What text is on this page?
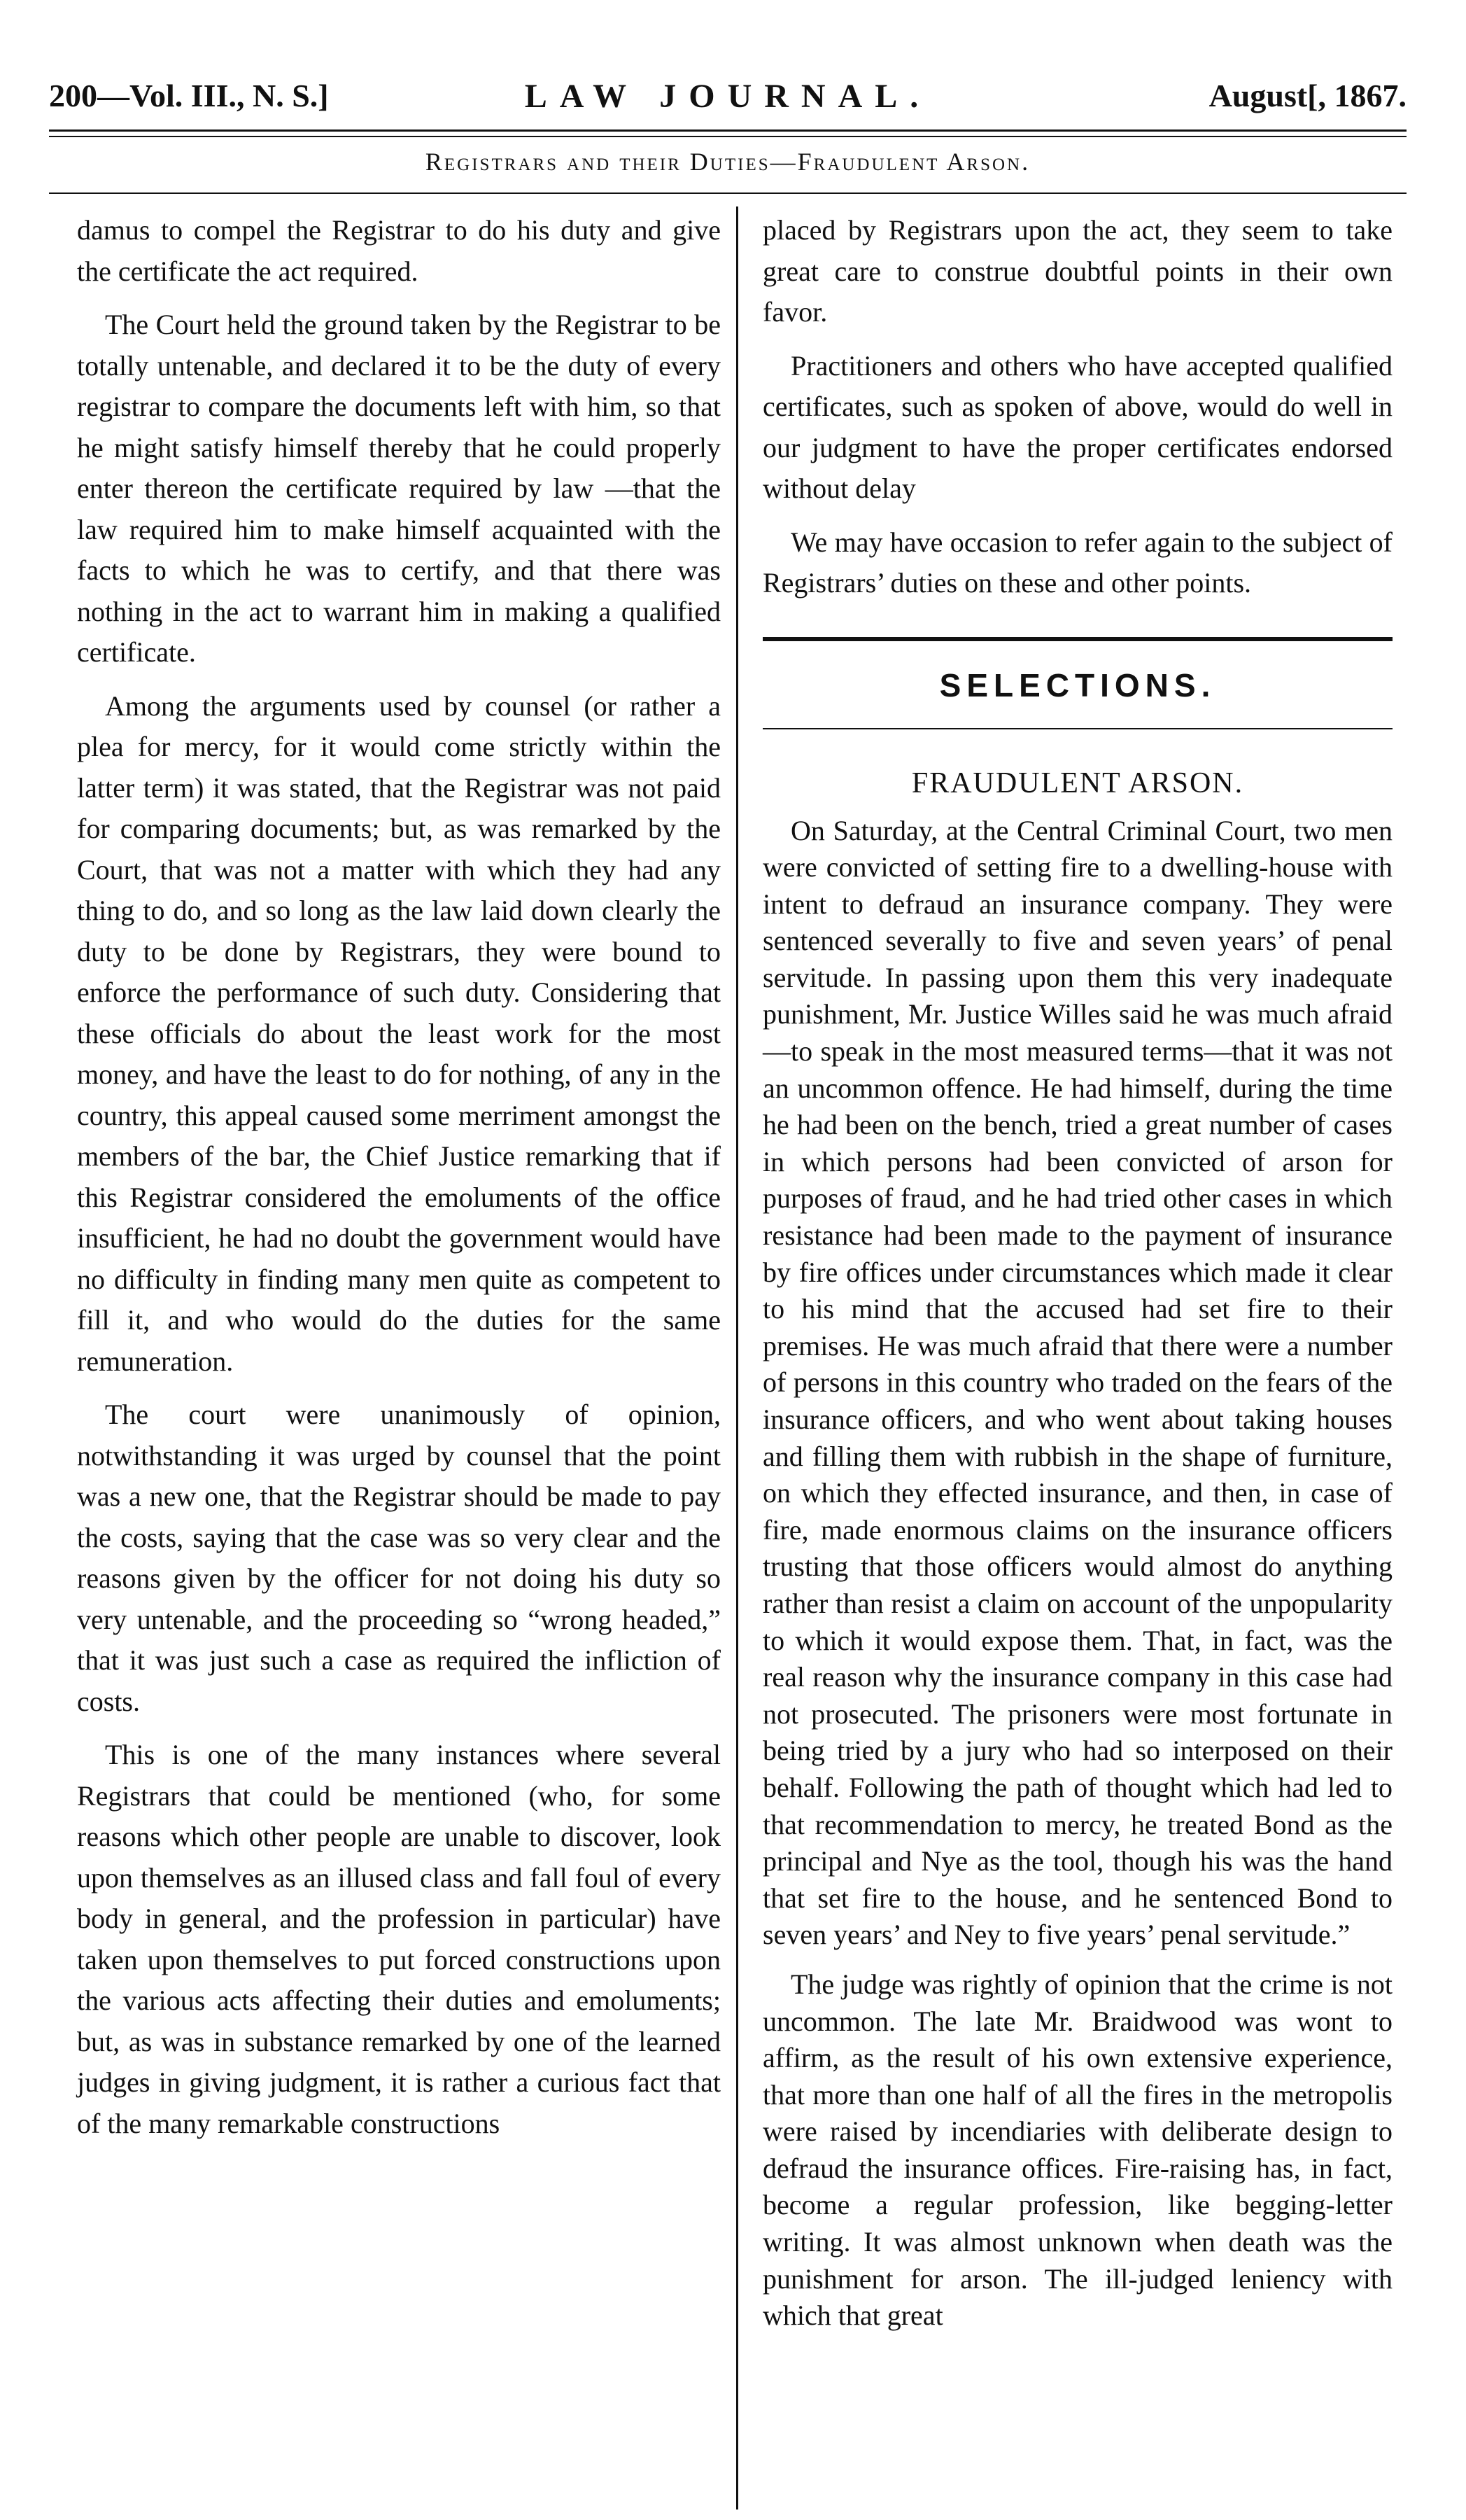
200—Vol. III., N. S.]	LAW JOURNAL.	August[, 1867.
Registrars and their Duties—Fraudulent Arson.

damus to compel the Registrar to do his duty and give the certificate the act required.

The Court held the ground taken by the Registrar to be totally untenable, and declared it to be the duty of every registrar to compare the documents left with him, so that he might satisfy himself thereby that he could properly enter thereon the certificate required by law —that the law required him to make himself acquainted with the facts to which he was to certify, and that there was nothing in the act to warrant him in making a qualified certificate.

Among the arguments used by counsel (or rather a plea for mercy, for it would come strictly within the latter term) it was stated, that the Registrar was not paid for comparing documents; but, as was remarked by the Court, that was not a matter with which they had any thing to do, and so long as the law laid down clearly the duty to be done by Registrars, they were bound to enforce the performance of such duty. Considering that these officials do about the least work for the most money, and have the least to do for nothing, of any in the country, this appeal caused some merriment amongst the members of the bar, the Chief Justice remarking that if this Registrar considered the emoluments of the office insufficient, he had no doubt the government would have no difficulty in finding many men quite as competent to fill it, and who would do the duties for the same remuneration.

The court were unanimously of opinion, notwithstanding it was urged by counsel that the point was a new one, that the Registrar should be made to pay the costs, saying that the case was so very clear and the reasons given by the officer for not doing his duty so very untenable, and the proceeding so “wrong headed,” that it was just such a case as required the infliction of costs.

This is one of the many instances where several Registrars that could be mentioned (who, for some reasons which other people are unable to discover, look upon themselves as an illused class and fall foul of every body in general, and the profession in particular) have taken upon themselves to put forced constructions upon the various acts affecting their duties and emoluments; but, as was in substance remarked by one of the learned judges in giving judgment, it is rather a curious fact that of the many remarkable constructions

placed by Registrars upon the act, they seem to take great care to construe doubtful points in their own favor.

Practitioners and others who have accepted qualified certificates, such as spoken of above, would do well in our judgment to have the proper certificates endorsed without delay

We may have occasion to refer again to the subject of Registrars’ duties on these and other points.

SELECTIONS.
FRAUDULENT ARSON.

On Saturday, at the Central Criminal Court, two men were convicted of setting fire to a dwelling-house with intent to defraud an insurance company. They were sentenced severally to five and seven years’ of penal servitude. In passing upon them this very inadequate punishment, Mr. Justice Willes said he was much afraid—to speak in the most measured terms—that it was not an uncommon offence. He had himself, during the time he had been on the bench, tried a great number of cases in which persons had been convicted of arson for purposes of fraud, and he had tried other cases in which resistance had been made to the payment of insurance by fire offices under circumstances which made it clear to his mind that the accused had set fire to their premises. He was much afraid that there were a number of persons in this country who traded on the fears of the insurance officers, and who went about taking houses and filling them with rubbish in the shape of furniture, on which they effected insurance, and then, in case of fire, made enormous claims on the insurance officers trusting that those officers would almost do anything rather than resist a claim on account of the unpopularity to which it would expose them. That, in fact, was the real reason why the insurance company in this case had not prosecuted. The prisoners were most fortunate in being tried by a jury who had so interposed on their behalf. Following the path of thought which had led to that recommendation to mercy, he treated Bond as the principal and Nye as the tool, though his was the hand that set fire to the house, and he sentenced Bond to seven years’ and Ney to five years’ penal servitude.”

The judge was rightly of opinion that the crime is not uncommon. The late Mr. Braidwood was wont to affirm, as the result of his own extensive experience, that more than one half of all the fires in the metropolis were raised by incendiaries with deliberate design to defraud the insurance offices. Fire-raising has, in fact, become a regular profession, like begging-letter writing. It was almost unknown when death was the punishment for arson. The ill-judged leniency with which that great
